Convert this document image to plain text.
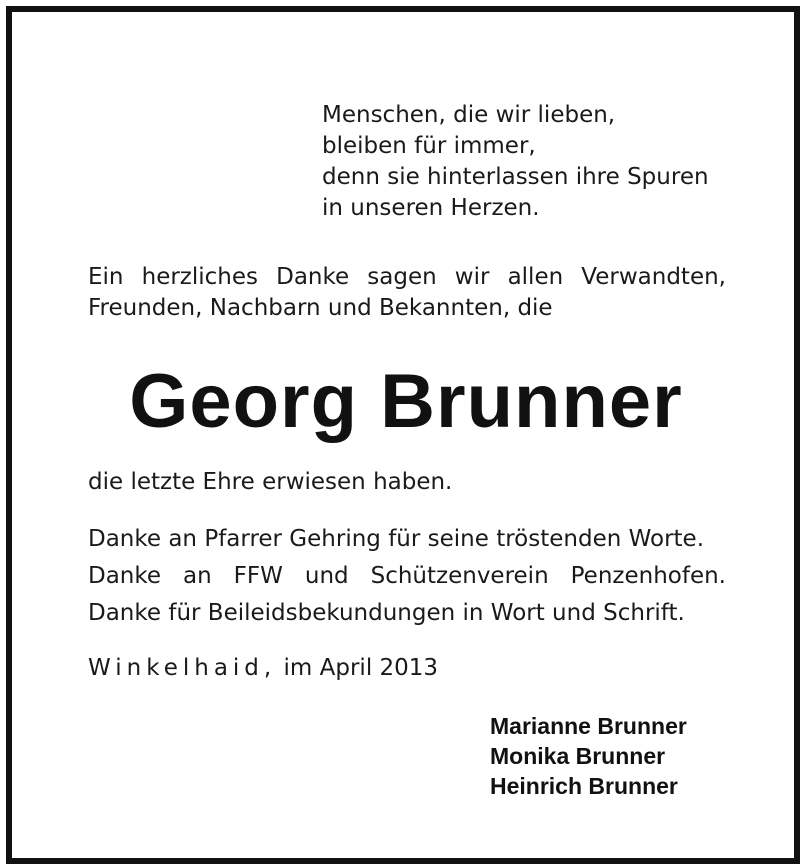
Menschen, die wir lieben,
bleiben für immer,
denn sie hinterlassen ihre Spuren
in unseren Herzen.
Ein herzliches Danke sagen wir allen Verwandten,
Freunden, Nachbarn und Bekannten, die
Georg Brunner
die letzte Ehre erwiesen haben.
Danke an Pfarrer Gehring für seine tröstenden Worte.
Danke an FFW und Schützenverein Penzenhofen.
Danke für Beileidsbekundungen in Wort und Schrift.
Winkelhaid, im April 2013
Marianne Brunner
Monika Brunner
Heinrich Brunner
